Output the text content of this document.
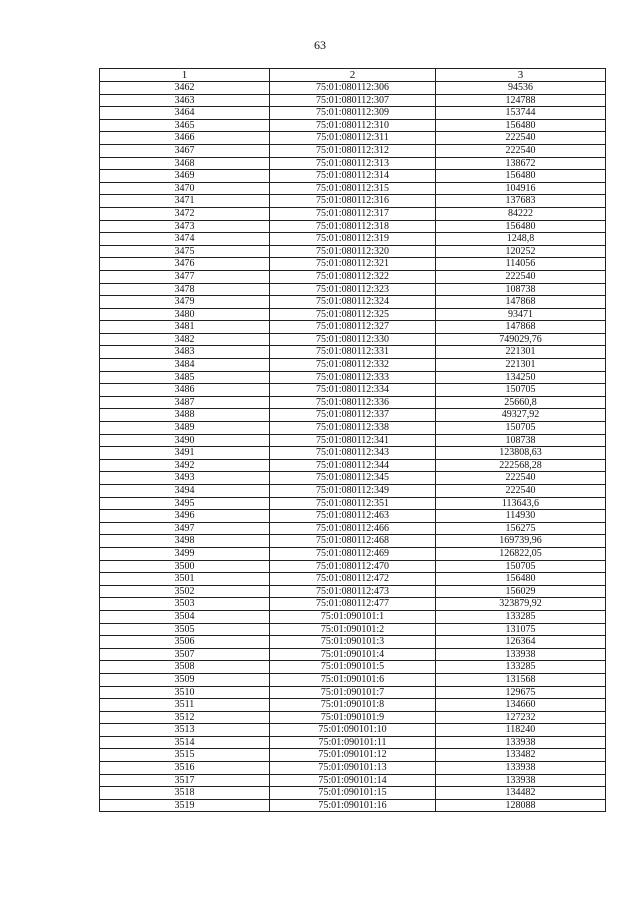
63
1	2	3
3462	75:01:080112:306	94536
3463	75:01:080112:307	124788
3464	75:01:080112:309	153744
3465	75:01:080112:310	156480
3466	75:01:080112:311	222540
3467	75:01:080112:312	222540
3468	75:01:080112:313	138672
3469	75:01:080112:314	156480
3470	75:01:080112:315	104916
3471	75:01:080112:316	137683
3472	75:01:080112:317	84222
3473	75:01:080112:318	156480
3474	75:01:080112:319	1248,8
3475	75:01:080112:320	120252
3476	75:01:080112:321	114056
3477	75:01:080112:322	222540
3478	75:01:080112:323	108738
3479	75:01:080112:324	147868
3480	75:01:080112:325	93471
3481	75:01:080112:327	147868
3482	75:01:080112:330	749029,76
3483	75:01:080112:331	221301
3484	75:01:080112:332	221301
3485	75:01:080112:333	134250
3486	75:01:080112:334	150705
3487	75:01:080112:336	25660,8
3488	75:01:080112:337	49327,92
3489	75:01:080112:338	150705
3490	75:01:080112:341	108738
3491	75:01:080112:343	123808,63
3492	75:01:080112:344	222568,28
3493	75:01:080112:345	222540
3494	75:01:080112:349	222540
3495	75:01:080112:351	113643,6
3496	75:01:080112:463	114930
3497	75:01:080112:466	156275
3498	75:01:080112:468	169739,96
3499	75:01:080112:469	126822,05
3500	75:01:080112:470	150705
3501	75:01:080112:472	156480
3502	75:01:080112:473	156029
3503	75:01:080112:477	323879,92
3504	75:01:090101:1	133285
3505	75:01:090101:2	131075
3506	75:01:090101:3	126364
3507	75:01:090101:4	133938
3508	75:01:090101:5	133285
3509	75:01:090101:6	131568
3510	75:01:090101:7	129675
3511	75:01:090101:8	134660
3512	75:01:090101:9	127232
3513	75:01:090101:10	118240
3514	75:01:090101:11	133938
3515	75:01:090101:12	133482
3516	75:01:090101:13	133938
3517	75:01:090101:14	133938
3518	75:01:090101:15	134482
3519	75:01:090101:16	128088
